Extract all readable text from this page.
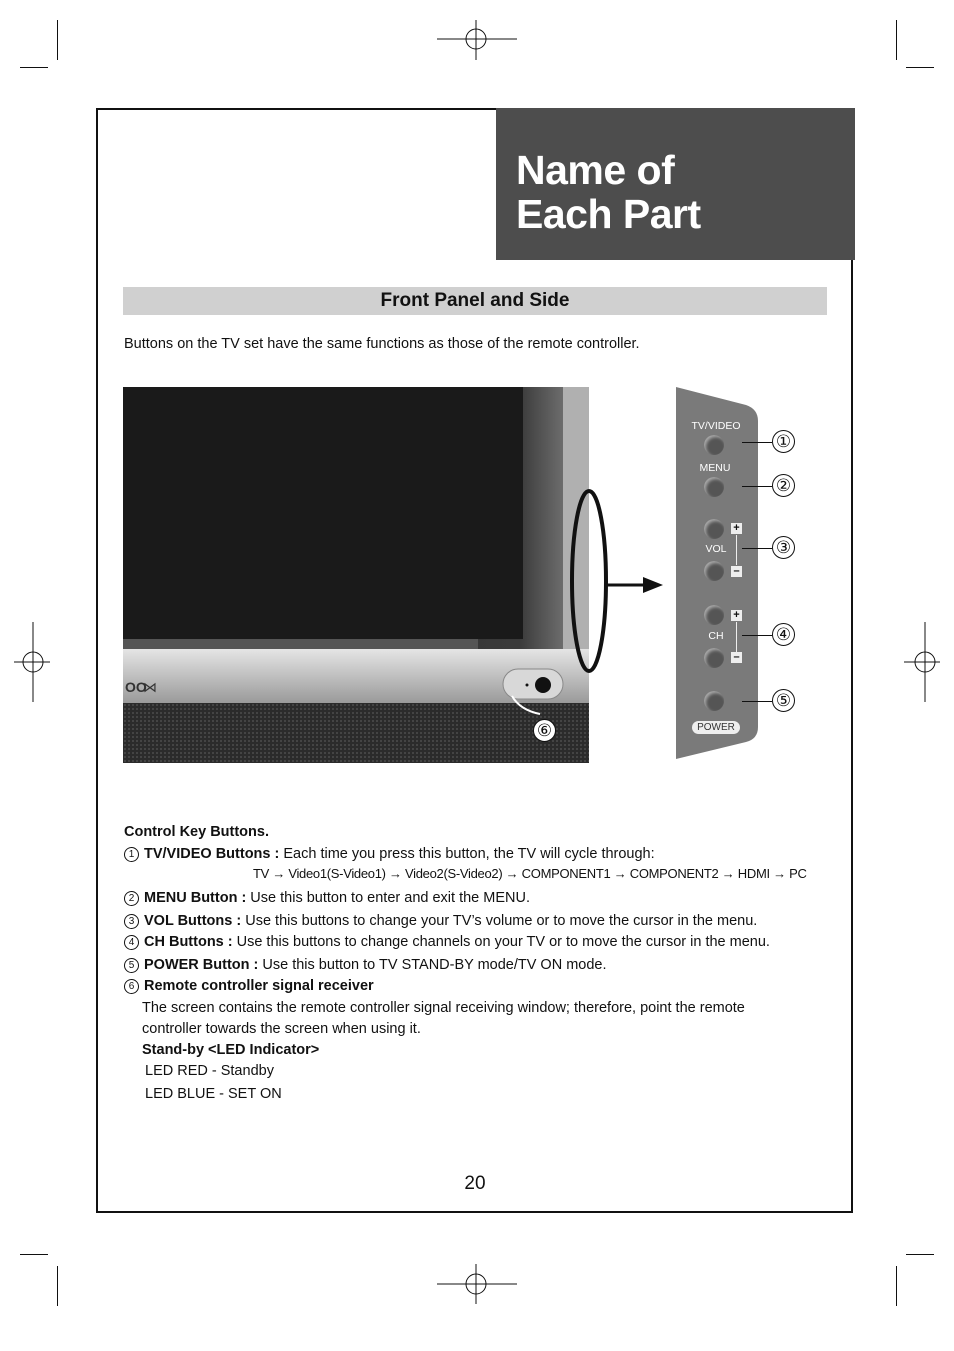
Name of
Each Part
Front Panel and Side
Buttons on the TV set have the same functions as those of the remote controller.
OO
⋈
TV/VIDEO
MENU
+
VOL
–
+
CH
–
POWER
①
②
③
④
⑤
⑥
Control Key Buttons.
1 TV/VIDEO Buttons : Each time you press this button, the TV will cycle through:
2 MENU Button : Use this button to enter and exit the MENU.
3 VOL Buttons : Use this buttons to change your TV’s volume or to move the cursor in the menu.
4 CH Buttons : Use this buttons to change channels on your TV or to move the cursor in the menu.
5 POWER Button : Use this button to TV STAND-BY mode/TV ON mode.
6 Remote controller signal receiver
The screen contains the remote controller signal receiving window; therefore, point the remote
controller towards the screen when using it.
Stand-by <LED Indicator>
LED RED - Standby
LED BLUE - SET ON
TV → Video1(S-Video1) → Video2(S-Video2) → COMPONENT1 → COMPONENT2 → HDMI → PC
20
